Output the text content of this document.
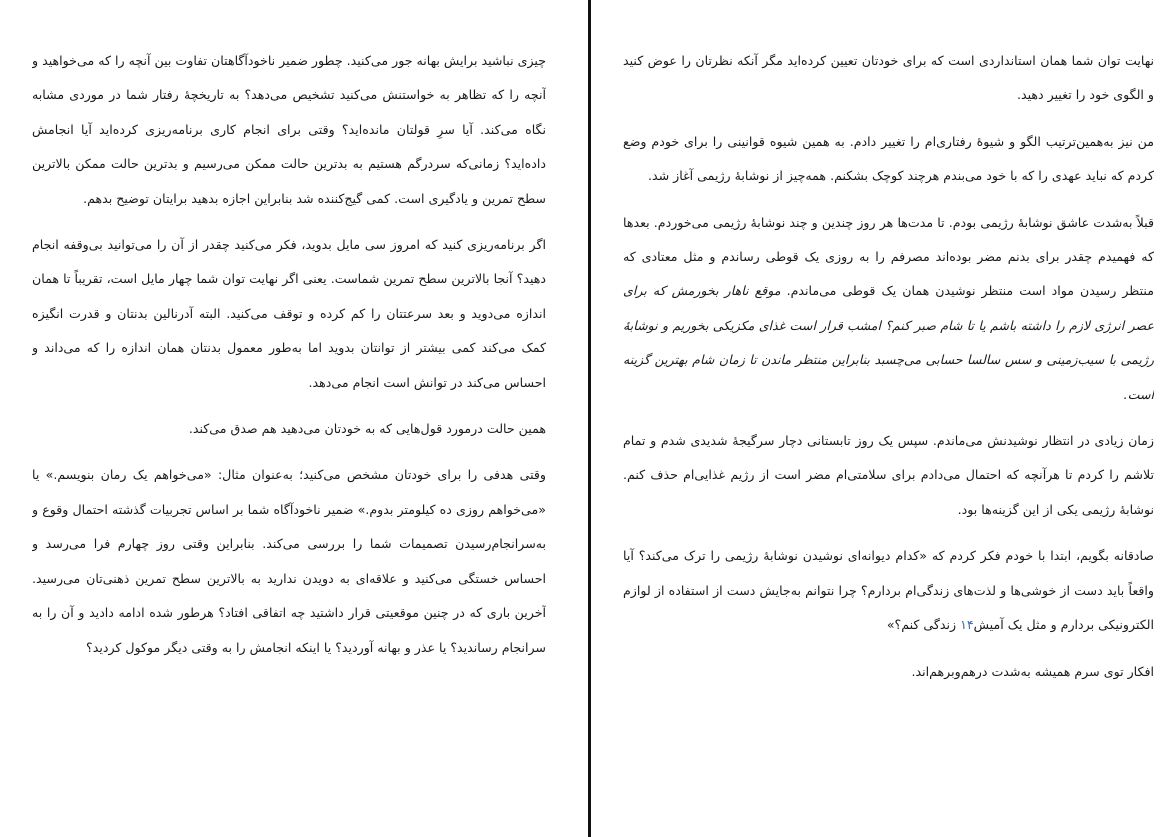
چیزی نباشید برایش بهانه جور می‌کنید. چطور ضمیر ناخودآگاهتان تفاوت بین آنچه را که می‌خواهید و آنچه را که تظاهر به خواستنش می‌کنید تشخیص می‌دهد؟ به تاریخچهٔ رفتار شما در موردی مشابه نگاه می‌کند. آیا سرِ قولتان مانده‌اید؟ وقتی برای انجام کاری برنامه‌ریزی کرده‌اید آیا انجامش داده‌اید؟ زمانی‌که سردرگم هستیم به بدترین حالت ممکن می‌رسیم و بدترین حالت ممکن بالاترین سطح تمرین و یادگیری است. کمی گیج‌کننده شد بنابراین اجازه بدهید برایتان توضیح بدهم.

اگر برنامه‌ریزی کنید که امروز سی مایل بدوید، فکر می‌کنید چقدر از آن را می‌توانید بی‌وقفه انجام دهید؟ آنجا بالاترین سطح تمرین شماست. یعنی اگر نهایت توان شما چهار مایل است، تقریباً تا همان اندازه می‌دوید و بعد سرعتتان را کم کرده و توقف می‌کنید. البته آدرنالین بدنتان و قدرت انگیزه کمک می‌کند کمی بیشتر از توانتان بدوید اما به‌طور معمول بدنتان همان اندازه را که می‌داند و احساس می‌کند در توانش است انجام می‌دهد.

همین حالت درمورد قول‌هایی که به خودتان می‌دهید هم صدق می‌کند.

وقتی هدفی را برای خودتان مشخص می‌کنید؛ به‌عنوان مثال: «می‌خواهم یک رمان بنویسم.» یا «می‌خواهم روزی ده کیلومتر بدوم.» ضمیر ناخودآگاه شما بر اساس تجربیات گذشته احتمال وقوع و به‌سرانجام‌رسیدن تصمیمات شما را بررسی می‌کند. بنابراین وقتی روز چهارم فرا می‌رسد و احساس خستگی می‌کنید و علاقه‌ای به دویدن ندارید به بالاترین سطح تمرین ذهنی‌تان می‌رسید. آخرین باری که در چنین موقعیتی قرار داشتید چه اتفاقی افتاد؟ هرطور شده ادامه دادید و آن را به سرانجام رساندید؟ یا عذر و بهانه آوردید؟ یا اینکه انجامش را به وقتی دیگر موکول کردید؟

نهایت توان شما همان استانداردی است که برای خودتان تعیین کرده‌اید مگر آنکه نظرتان را عوض کنید و الگوی خود را تغییر دهید.

من نیز به‌همین‌ترتیب الگو و شیوهٔ رفتاری‌ام را تغییر دادم. به همین شیوه قوانینی را برای خودم وضع کردم که نباید عهدی را که با خود می‌بندم هرچند کوچک بشکنم. همه‌چیز از نوشابهٔ رژیمی آغاز شد.

قبلاً به‌شدت عاشق نوشابهٔ رژیمی بودم. تا مدت‌ها هر روز چندین و چند نوشابهٔ رژیمی می‌خوردم. بعدها که فهمیدم چقدر برای بدنم مضر بوده‌اند مصرفم را به روزی یک قوطی رساندم و مثل معتادی که منتظر رسیدن مواد است منتظر نوشیدن همان یک قوطی می‌ماندم. موقع ناهار بخورمش که برای عصر انرژی لازم را داشته باشم یا تا شام صبر کنم؟ امشب قرار است غذای مکزیکی بخوریم و نوشابهٔ رژیمی با سیب‌زمینی و سس سالسا حسابی می‌چسبد بنابراین منتظر ماندن تا زمان شام بهترین گزینه است.

زمان زیادی در انتظار نوشیدنش می‌ماندم. سپس یک روز تابستانی دچار سرگیجهٔ شدیدی شدم و تمام تلاشم را کردم تا هرآنچه که احتمال می‌دادم برای سلامتی‌ام مضر است از رژیم غذایی‌ام حذف کنم. نوشابهٔ رژیمی یکی از این گزینه‌ها بود.

صادقانه بگویم، ابتدا با خودم فکر کردم که «کدام دیوانه‌ای نوشیدن نوشابهٔ رژیمی را ترک می‌کند؟ آیا واقعاً باید دست از خوشی‌ها و لذت‌های زندگی‌ام بردارم؟ چرا نتوانم به‌جایش دست از استفاده از لوازم الکترونیکی بردارم و مثل یک آمیش۱۴ زندگی کنم؟»

افکار توی سرم همیشه به‌شدت درهم‌وبرهم‌اند.
